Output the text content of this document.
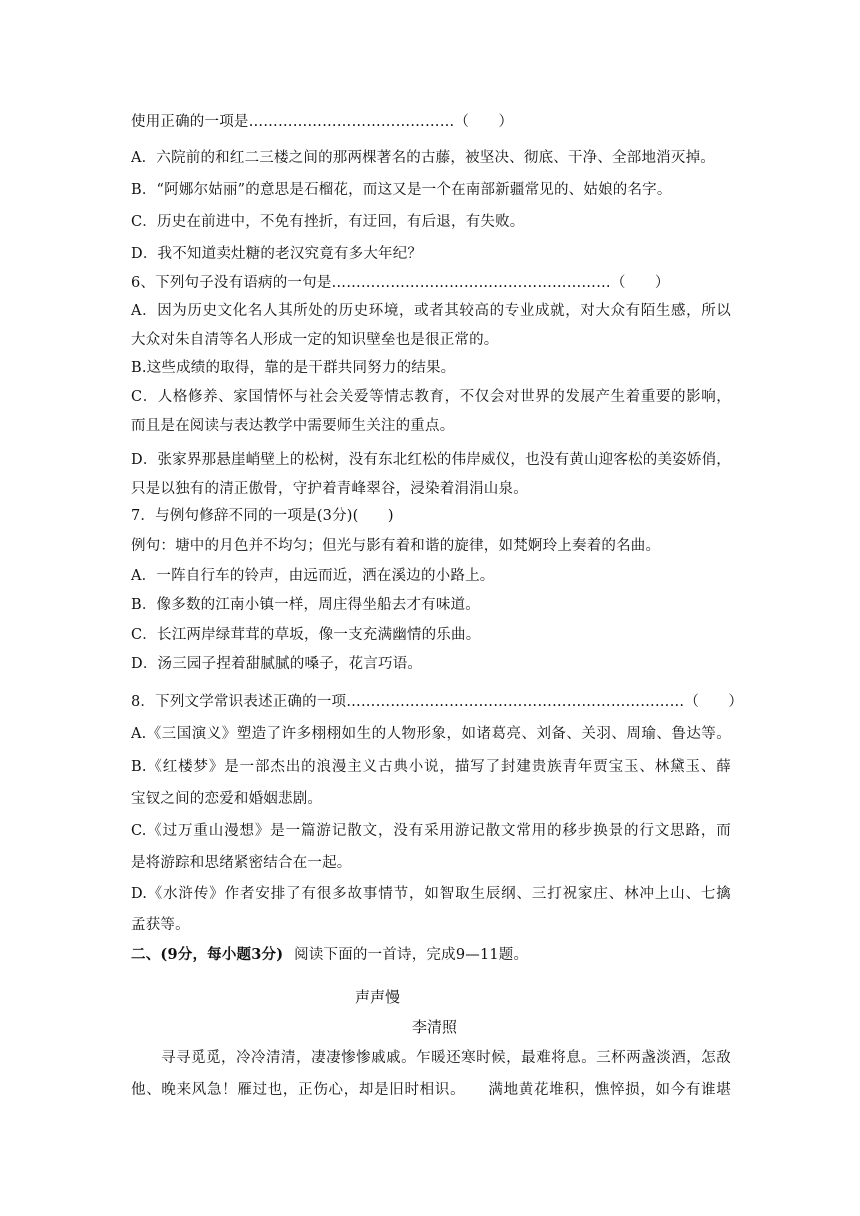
使用正确的一项是……………………………………（　　）
A．六院前的和红二三楼之间的那两棵著名的古藤，被坚决、彻底、干净、全部地消灭掉。
B．“阿娜尔姑丽”的意思是石榴花，而这又是一个在南部新疆常见的、姑娘的名字。
C．历史在前进中，不免有挫折，有迂回，有后退，有失败。
D．我不知道卖灶糖的老汉究竟有多大年纪？
6、下列句子没有语病的一句是…………………………………………………（　　）
A．因为历史文化名人其所处的历史环境，或者其较高的专业成就，对大众有陌生感，所以
大众对朱自清等名人形成一定的知识壁垒也是很正常的。
B.这些成绩的取得，靠的是干群共同努力的结果。
C．人格修养、家国情怀与社会关爱等情志教育，不仅会对世界的发展产生着重要的影响，
而且是在阅读与表达教学中需要师生关注的重点。
D．张家界那悬崖峭壁上的松树，没有东北红松的伟岸威仪，也没有黄山迎客松的美姿娇俏，
只是以独有的清正傲骨，守护着青峰翠谷，浸染着涓涓山泉。
7．与例句修辞不同的一项是(3分)(　　)
例句：塘中的月色并不均匀；但光与影有着和谐的旋律，如梵婀玲上奏着的名曲。
A．一阵自行车的铃声，由远而近，洒在溪边的小路上。
B．像多数的江南小镇一样，周庄得坐船去才有味道。
C．长江两岸绿茸茸的草坂，像一支充满幽情的乐曲。
D．汤三园子捏着甜腻腻的嗓子，花言巧语。
8．下列文学常识表述正确的一项……………………………………………………………（　　）
A.《三国演义》塑造了许多栩栩如生的人物形象，如诸葛亮、刘备、关羽、周瑜、鲁达等。
B.《红楼梦》是一部杰出的浪漫主义古典小说，描写了封建贵族青年贾宝玉、林黛玉、薛
宝钗之间的恋爱和婚姻悲剧。
C.《过万重山漫想》是一篇游记散文，没有采用游记散文常用的移步换景的行文思路，而
是将游踪和思绪紧密结合在一起。
D.《水浒传》作者安排了有很多故事情节，如智取生辰纲、三打祝家庄、林冲上山、七擒
孟获等。
二、(9分，每小题3分) 阅读下面的一首诗，完成9—11题。
声声慢
李清照
寻寻觅觅，冷冷清清，凄凄惨惨戚戚。乍暖还寒时候，最难将息。三杯两盏淡酒，怎敌
他、晚来风急！雁过也，正伤心，却是旧时相识。　　满地黄花堆积，憔悴损，如今有谁堪
